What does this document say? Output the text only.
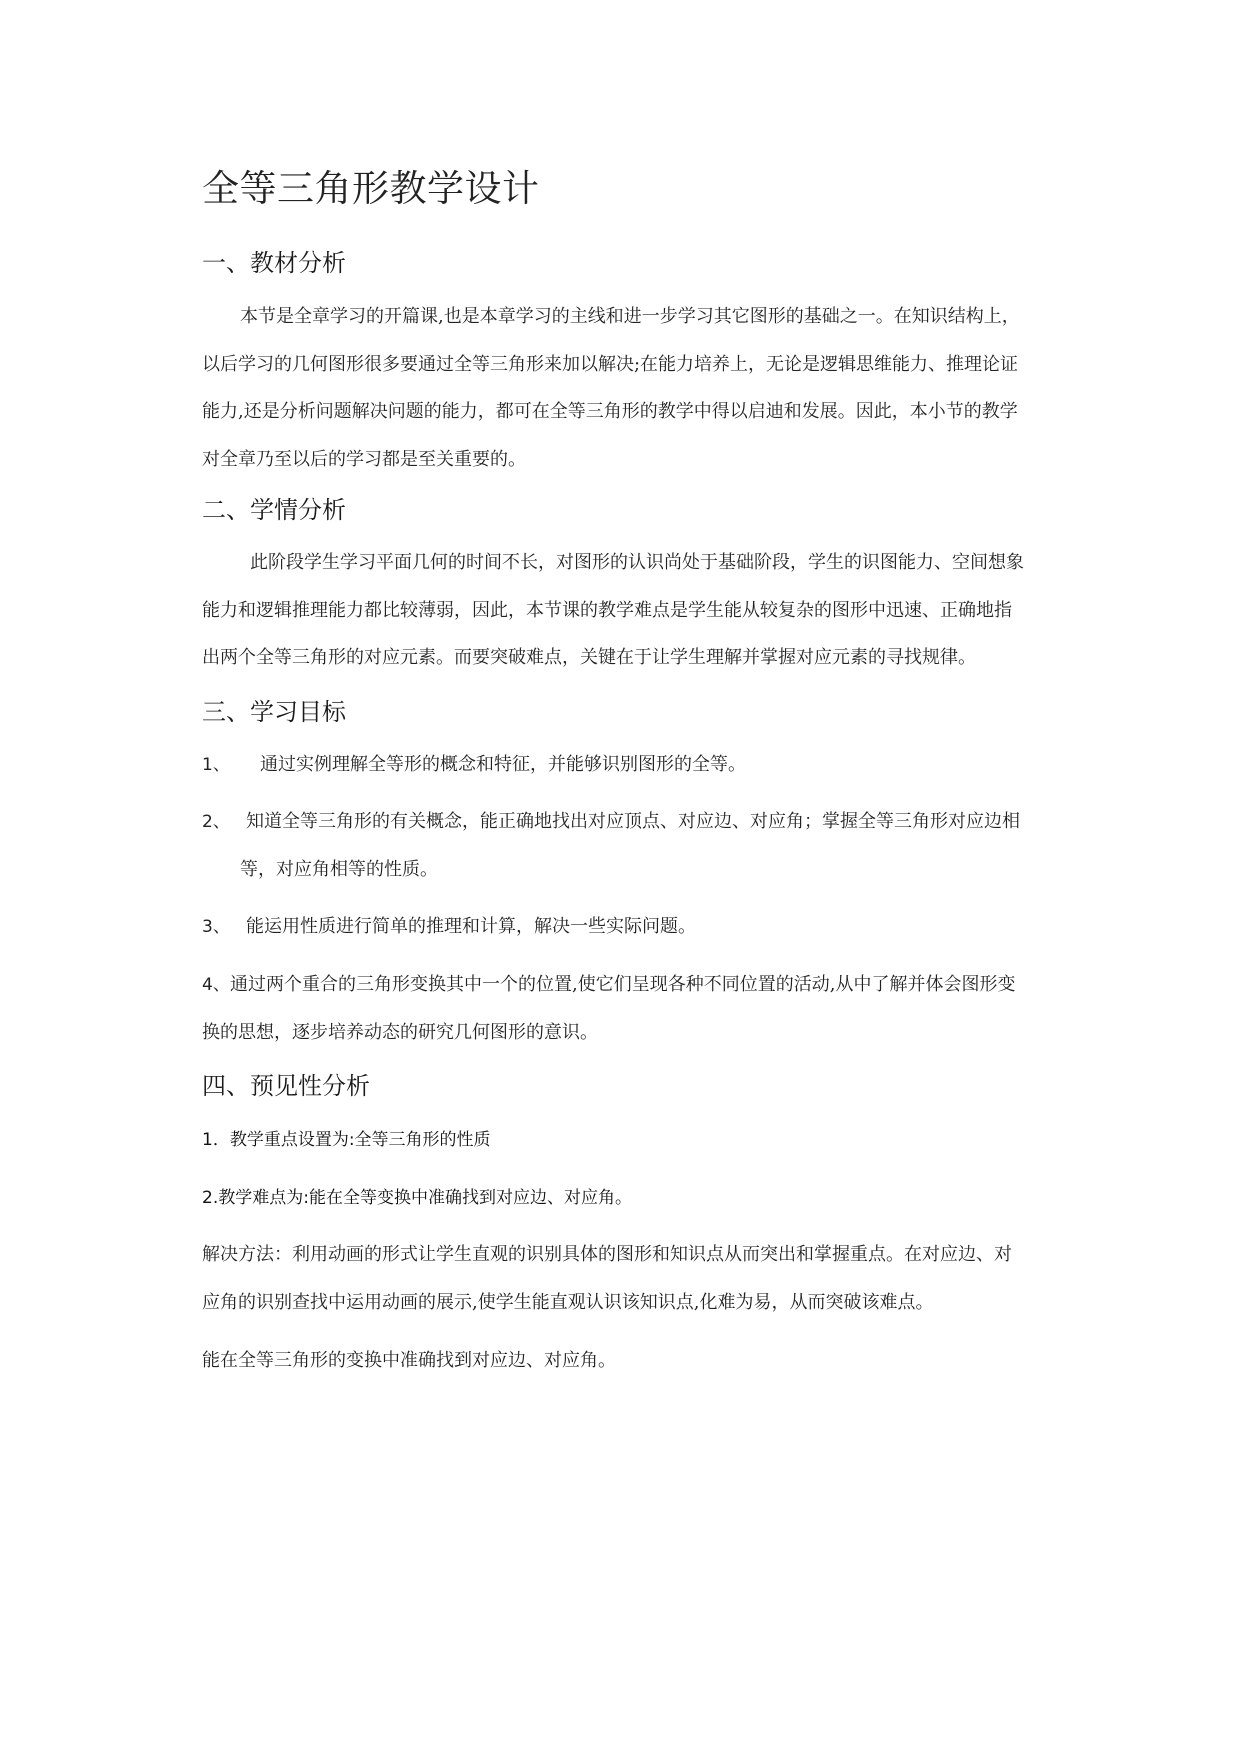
全等三角形教学设计
一、教材分析
本节是全章学习的开篇课,也是本章学习的主线和进一步学习其它图形的基础之一。在知识结构上，
以后学习的几何图形很多要通过全等三角形来加以解决;在能力培养上，无论是逻辑思维能力、推理论证
能力,还是分析问题解决问题的能力，都可在全等三角形的教学中得以启迪和发展。因此，本小节的教学
对全章乃至以后的学习都是至关重要的。
二、学情分析
此阶段学生学习平面几何的时间不长，对图形的认识尚处于基础阶段，学生的识图能力、空间想象
能力和逻辑推理能力都比较薄弱，因此，本节课的教学难点是学生能从较复杂的图形中迅速、正确地指
出两个全等三角形的对应元素。而要突破难点，关键在于让学生理解并掌握对应元素的寻找规律。
三、学习目标
1、 通过实例理解全等形的概念和特征，并能够识别图形的全等。
2、 知道全等三角形的有关概念，能正确地找出对应顶点、对应边、对应角；掌握全等三角形对应边相
等，对应角相等的性质。
3、 能运用性质进行简单的推理和计算，解决一些实际问题。
4、 通过两个重合的三角形变换其中一个的位置,使它们呈现各种不同位置的活动,从中了解并体会图形变
换的思想，逐步培养动态的研究几何图形的意识。
四、预见性分析
1．教学重点设置为:全等三角形的性质
2.教学难点为:能在全等变换中准确找到对应边、对应角。
解决方法：利用动画的形式让学生直观的识别具体的图形和知识点从而突出和掌握重点。在对应边、对
应角的识别查找中运用动画的展示,使学生能直观认识该知识点,化难为易，从而突破该难点。
能在全等三角形的变换中准确找到对应边、对应角。
